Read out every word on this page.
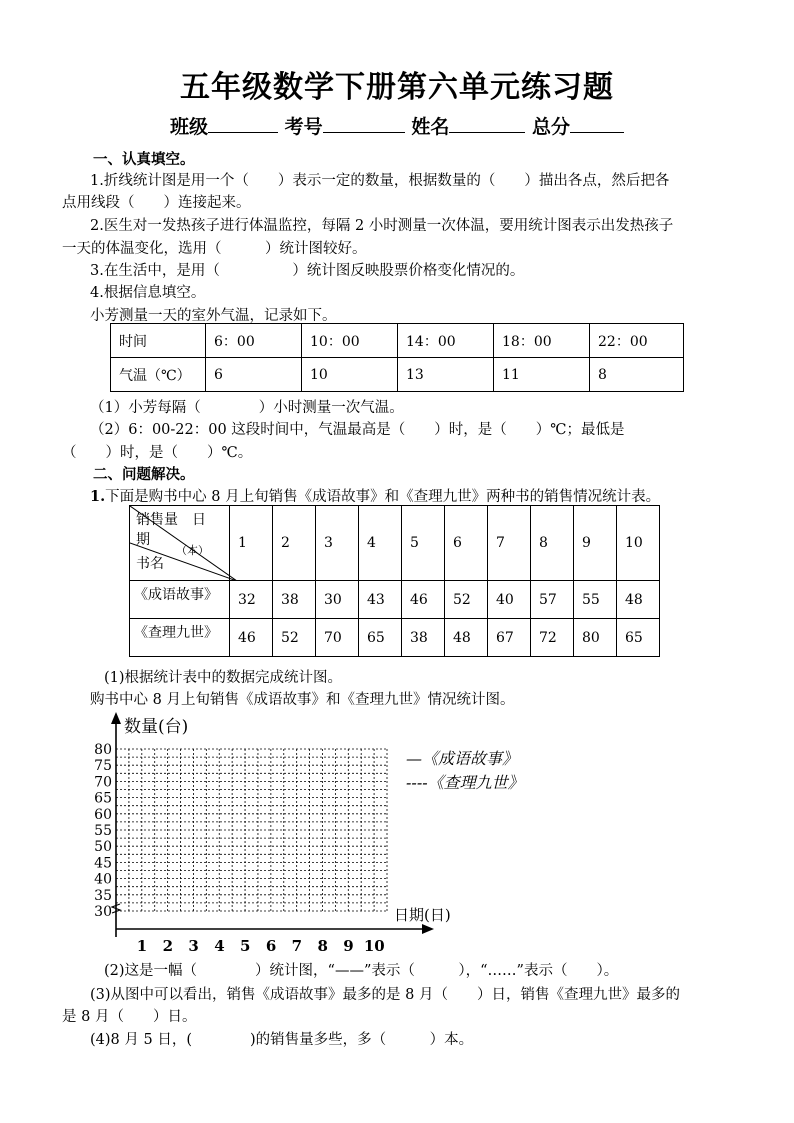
五年级数学下册第六单元练习题
班级	考号	姓名	总分
一、认真填空。
1.折线统计图是用一个（　　）表示一定的数量，根据数量的（　　）描出各点，然后把各
点用线段（　　）连接起来。
2.医生对一发热孩子进行体温监控，每隔 2 小时测量一次体温，要用统计图表示出发热孩子
一天的体温变化，选用（　　　）统计图较好。
3.在生活中，是用（　　　　　）统计图反映股票价格变化情况的。
4.根据信息填空。
小芳测量一天的室外气温，记录如下。
时间	6：00	10：00	14：00	18：00	22：00
气温（℃）	6	10	13	11	8
（1）小芳每隔（　　　　）小时测量一次气温。
（2）6：00-22：00 这段时间中，气温最高是（　　）时，是（　　）℃；最低是
（　　）时，是（　　）℃。
二、问题解决。
1.下面是购书中心 8 月上旬销售《成语故事》和《查理九世》两种书的销售情况统计表。
销售量　日
期
（本）
书名	1	2	3	4	5	6	7	8	9	10
《成语故事》	32	38	30	43	46	52	40	57	55	48
《查理九世》	46	52	70	65	38	48	67	72	80	65
(1)根据统计表中的数据完成统计图。
购书中心 8 月上旬销售《成语故事》和《查理九世》情况统计图。
30
35
40
45
50
55
60
65
70
75
80
1 2 3 4 5 6 7 8 9 10
数量(台)
日期(日)
—《成语故事》
----《查理九世》
(2)这是一幅（　　　　）统计图，“——”表示（　　　），“……”表示（　　）。
(3)从图中可以看出，销售《成语故事》最多的是 8 月（　　）日，销售《查理九世》最多的
是 8 月（　　）日。
(4)8 月 5 日，(　　　　)的销售量多些，多（　　　）本。
